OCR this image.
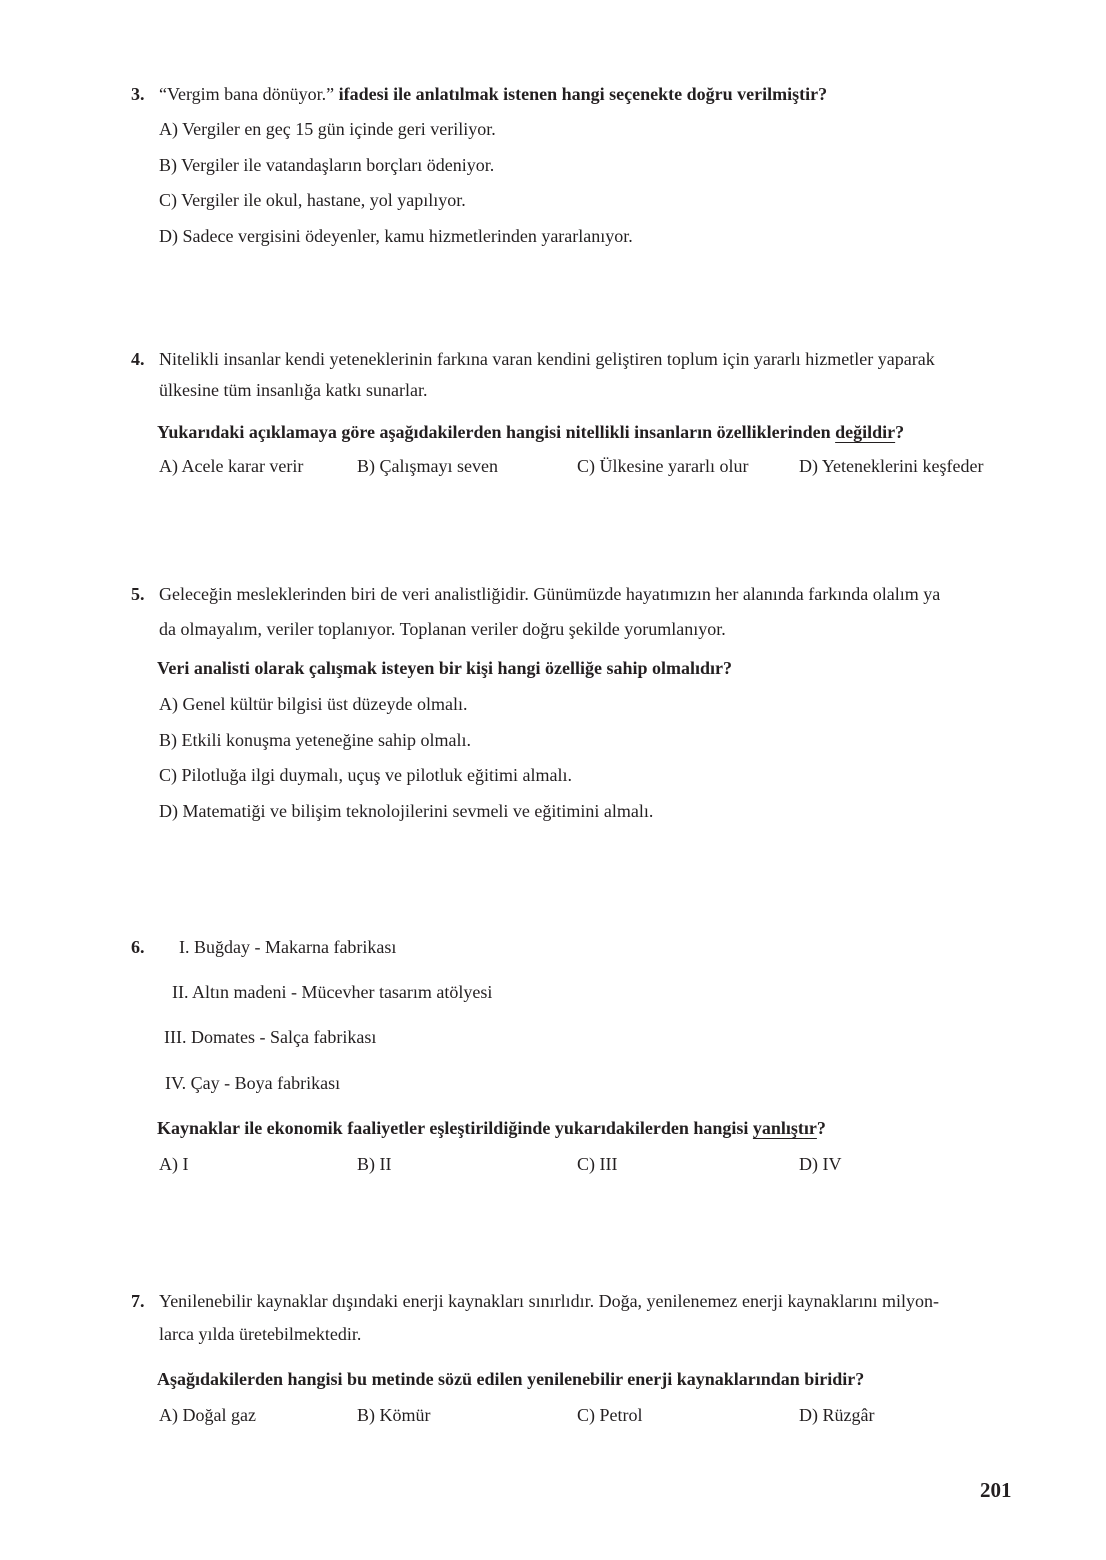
3. “Vergim bana dönüyor.” ifadesi ile anlatılmak istenen hangi seçenekte doğru verilmiştir?
A) Vergiler en geç 15 gün içinde geri veriliyor.
B) Vergiler ile vatandaşların borçları ödeniyor.
C) Vergiler ile okul, hastane, yol yapılıyor.
D) Sadece vergisini ödeyenler, kamu hizmetlerinden yararlanıyor.
4. Nitelikli insanlar kendi yeteneklerinin farkına varan kendini geliştiren toplum için yararlı hizmetler yaparak
ülkesine tüm insanlığa katkı sunarlar.
Yukarıdaki açıklamaya göre aşağıdakilerden hangisi nitellikli insanların özelliklerinden değildir?
A) Acele karar verir	B) Çalışmayı seven	C) Ülkesine yararlı olur	D) Yeteneklerini keşfeder
5. Geleceğin mesleklerinden biri de veri analistliğidir. Günümüzde hayatımızın her alanında farkında olalım ya
da olmayalım, veriler toplanıyor. Toplanan veriler doğru şekilde yorumlanıyor.
Veri analisti olarak çalışmak isteyen bir kişi hangi özelliğe sahip olmalıdır?
A) Genel kültür bilgisi üst düzeyde olmalı.
B) Etkili konuşma yeteneğine sahip olmalı.
C) Pilotluğa ilgi duymalı, uçuş ve pilotluk eğitimi almalı.
D) Matematiği ve bilişim teknolojilerini sevmeli ve eğitimini almalı.
6. I. Buğday - Makarna fabrikası
II. Altın madeni - Mücevher tasarım atölyesi
III. Domates - Salça fabrikası
IV. Çay - Boya fabrikası
Kaynaklar ile ekonomik faaliyetler eşleştirildiğinde yukarıdakilerden hangisi yanlıştır?
A) I	B) II	C) III	D) IV
7. Yenilenebilir kaynaklar dışındaki enerji kaynakları sınırlıdır. Doğa, yenilenemez enerji kaynaklarını milyon-
larca yılda üretebilmektedir.
Aşağıdakilerden hangisi bu metinde sözü edilen yenilenebilir enerji kaynaklarından biridir?
A) Doğal gaz	B) Kömür	C) Petrol	D) Rüzgâr
201
